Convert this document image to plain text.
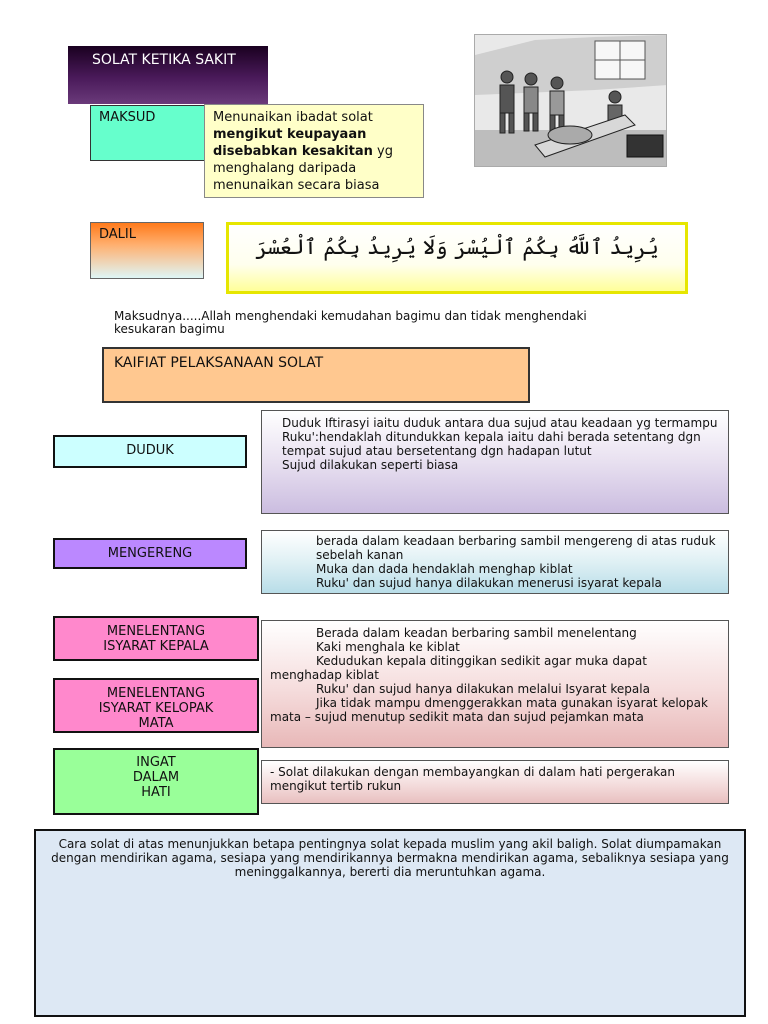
SOLAT KETIKA SAKIT
MAKSUD	Menunaikan ibadat solat mengikut keupayaan disebabkan kesakitan yg menghalang daripada menunaikan secara biasa
DALIL
يُرِيدُ ٱللَّهُ بِكُمُ ٱلْيُسْرَ وَلَا يُرِيدُ بِكُمُ ٱلْعُسْرَ
Maksudnya.....Allah menghendaki kemudahan bagimu dan tidak menghendaki kesukaran bagimu
KAIFIAT PELAKSANAAN SOLAT
DUDUK
Duduk Iftirasyi iaitu duduk antara dua sujud atau keadaan yg termampu
Ruku':hendaklah ditundukkan kepala iaitu dahi berada setentang dgn tempat sujud atau bersetentang dgn hadapan lutut
Sujud dilakukan seperti biasa
MENGERENG
berada dalam keadaan berbaring sambil mengereng di atas ruduk sebelah kanan
Muka dan dada hendaklah menghap kiblat
Ruku' dan sujud hanya dilakukan menerusi isyarat kepala
MENELENTANG
ISYARAT KEPALA
MENELENTANG
ISYARAT KELOPAK
MATA
Berada dalam keadan berbaring sambil menelentang
Kaki menghala ke kiblat
Kedudukan kepala ditinggikan sedikit agar muka dapat menghadap kiblat
Ruku' dan sujud hanya dilakukan melalui Isyarat kepala
Jika tidak mampu dmenggerakkan mata gunakan isyarat kelopak mata – sujud menutup sedikit mata dan sujud pejamkan mata
INGAT
DALAM
HATI
- Solat dilakukan dengan membayangkan di dalam hati pergerakan mengikut tertib rukun
Cara solat di atas menunjukkan betapa pentingnya solat kepada muslim yang akil baligh. Solat diumpamakan dengan mendirikan agama, sesiapa yang mendirikannya bermakna mendirikan agama, sebaliknya sesiapa yang meninggalkannya, bererti dia meruntuhkan agama.
